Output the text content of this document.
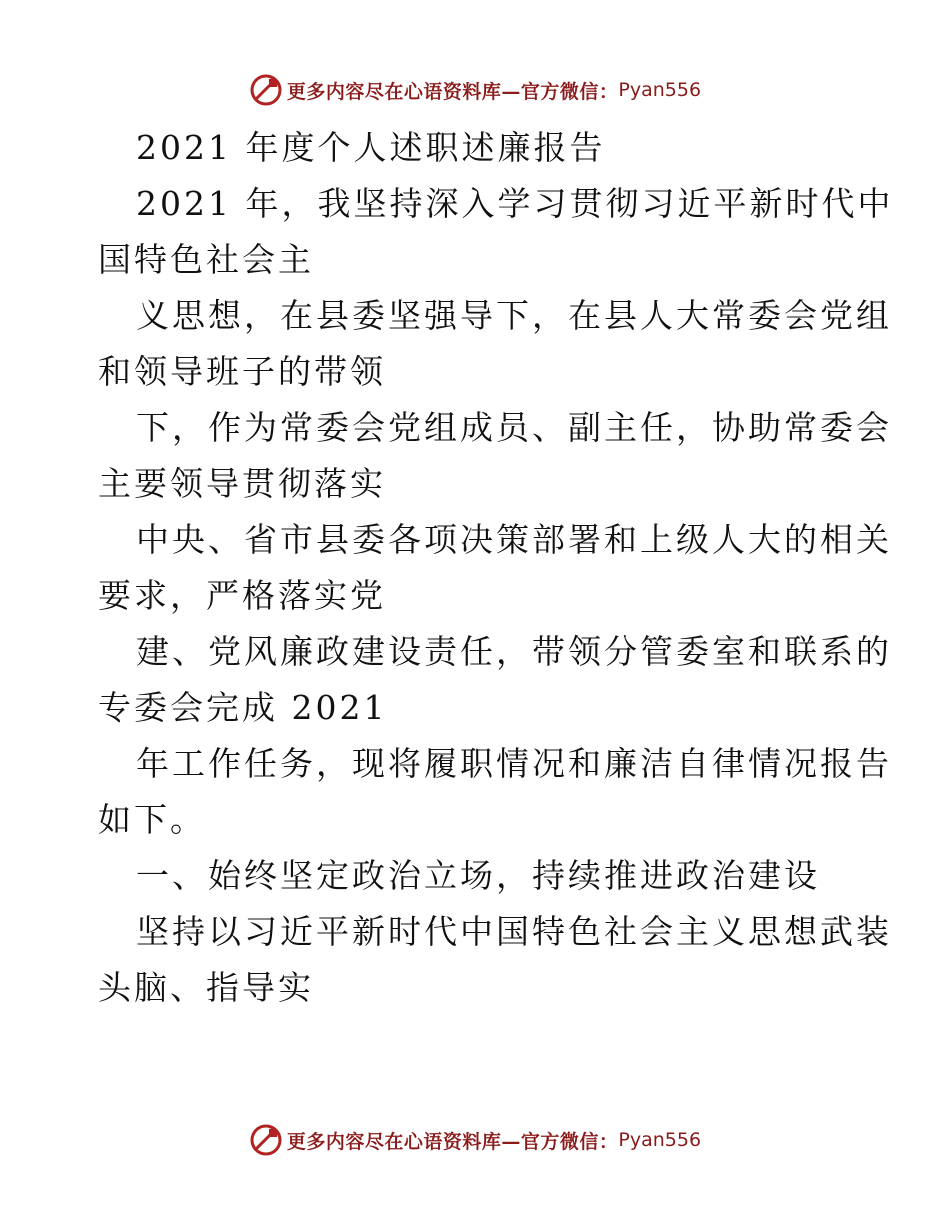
更多内容尽在心语资料库—官方微信： Pyan556
2021 年度个人述职述廉报告
2021 年，我坚持深入学习贯彻习近平新时代中
国特色社会主
义思想，在县委坚强导下，在县人大常委会党组
和领导班子的带领
下，作为常委会党组成员、副主任，协助常委会
主要领导贯彻落实
中央、省市县委各项决策部署和上级人大的相关
要求，严格落实党
建、党风廉政建设责任，带领分管委室和联系的
专委会完成 2021
年工作任务，现将履职情况和廉洁自律情况报告
如下。
一、始终坚定政治立场，持续推进政治建设
坚持以习近平新时代中国特色社会主义思想武装
头脑、指导实
更多内容尽在心语资料库—官方微信： Pyan556
